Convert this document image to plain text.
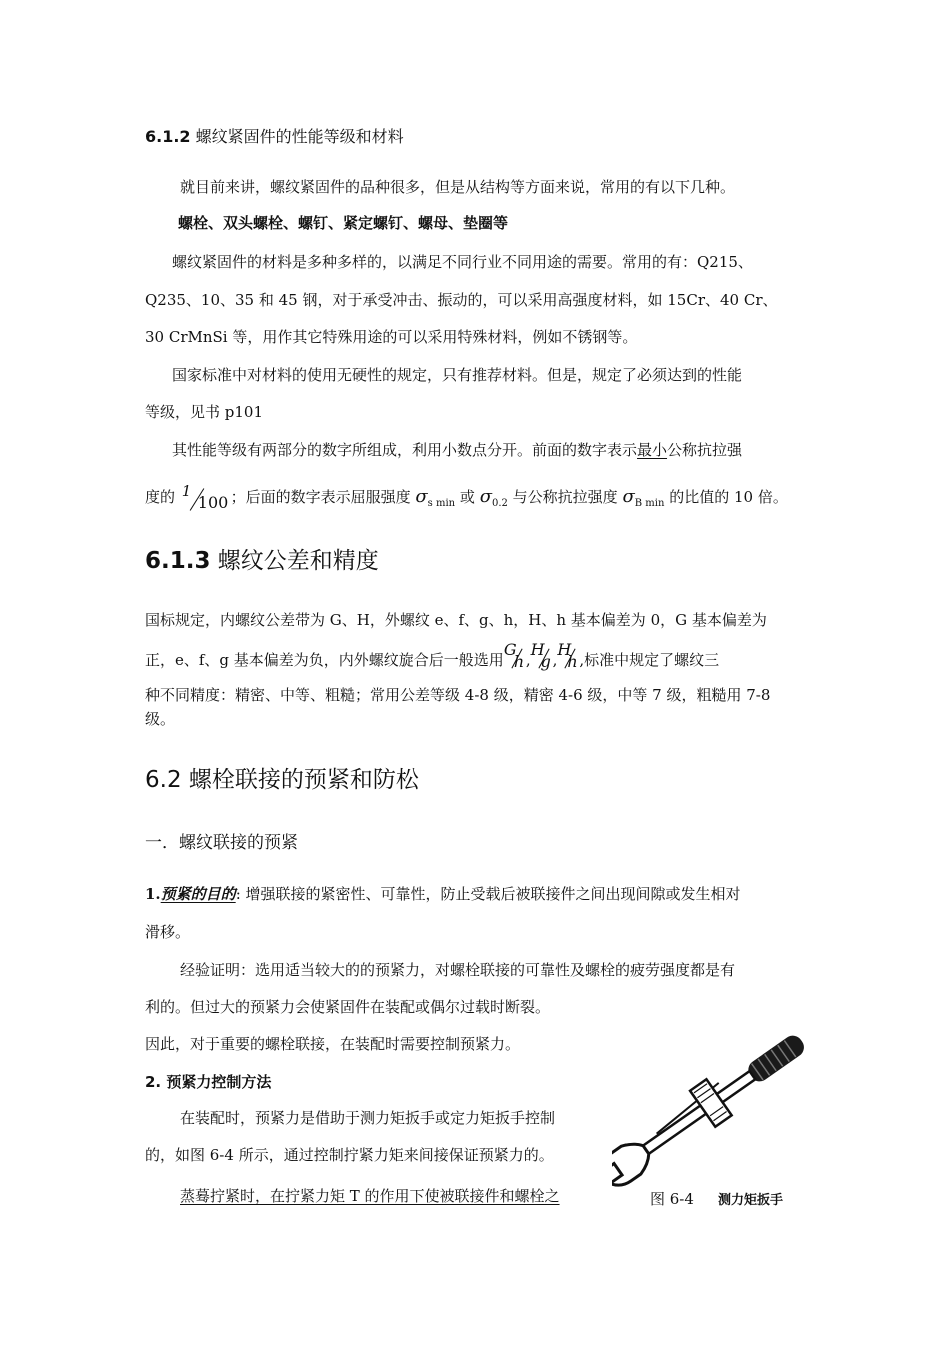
6.1.2 螺纹紧固件的性能等级和材料
就目前来讲，螺纹紧固件的品种很多，但是从结构等方面来说，常用的有以下几种。
螺栓、双头螺栓、螺钉、紧定螺钉、螺母、垫圈等
螺纹紧固件的材料是多种多样的，以满足不同行业不同用途的需要。常用的有：Q215、
Q235、10、35 和 45 钢，对于承受冲击、振动的，可以采用高强度材料，如 15Cr、40 Cr、
30 CrMnSi 等，用作其它特殊用途的可以采用特殊材料，例如不锈钢等。
国家标准中对材料的使用无硬性的规定，只有推荐材料。但是，规定了必须达到的性能
等级，见书 p101
其性能等级有两部分的数字所组成，利用小数点分开。前面的数字表示最小公称抗拉强
度的 1
100 ；后面的数字表示屈服强度 $\sigma_{s min}$ 或 $\sigma_{0.2}$ 与公称抗拉强度 $\sigma_{B min}$ 的比值的 10 倍。
6.1.3 螺纹公差和精度
国标规定，内螺纹公差带为 G、H，外螺纹 e、f、g、h，H、h 基本偏差为 0，G 基本偏差为
正，e、f、g 基本偏差为负，内外螺纹旋合后一般选用
G
h ,
H
g ,
H
h ,标准中规定了螺纹三
种不同精度：精密、中等、粗糙；常用公差等级 4-8 级，精密 4-6 级，中等 7 级，粗糙用 7-8
级。
6.2 螺栓联接的预紧和防松
一．螺纹联接的预紧
1.预紧的目的: 增强联接的紧密性、可靠性，防止受载后被联接件之间出现间隙或发生相对
滑移。
经验证明：选用适当较大的的预紧力，对螺栓联接的可靠性及螺栓的疲劳强度都是有
利的。但过大的预紧力会使紧固件在装配或偶尔过载时断裂。
因此，对于重要的螺栓联接，在装配时需要控制预紧力。
2. 预紧力控制方法
在装配时，预紧力是借助于测力矩扳手或定力矩扳手控制
的，如图 6-4 所示，通过控制拧紧力矩来间接保证预紧力的。
蒸蓦拧紧时，在拧紧力矩 T 的作用下使被联接件和螺栓之	图 6-4 测力矩扳手
